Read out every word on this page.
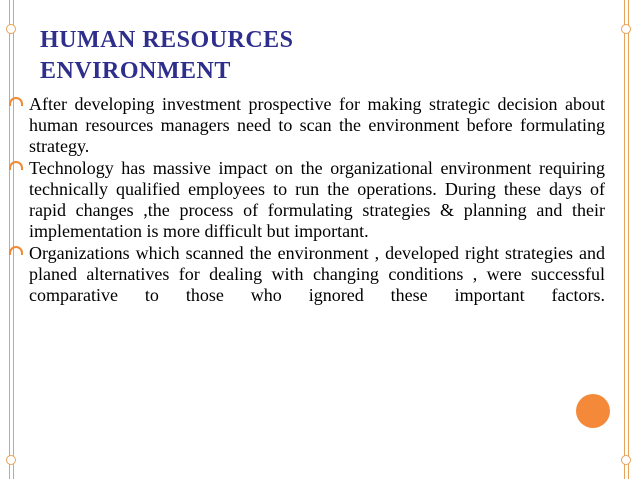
HUMAN RESOURCES
ENVIRONMENT
After developing investment prospective for making strategic decision about human resources managers need to scan the environment before formulating strategy.
Technology has massive impact on the organizational environment requiring technically qualified employees to run the operations. During these days of rapid changes ,the process of formulating strategies & planning and their implementation is more difficult but important.
Organizations which scanned the environment , developed right strategies and planed alternatives for dealing with changing conditions , were successful comparative to those who ignored these important factors.
